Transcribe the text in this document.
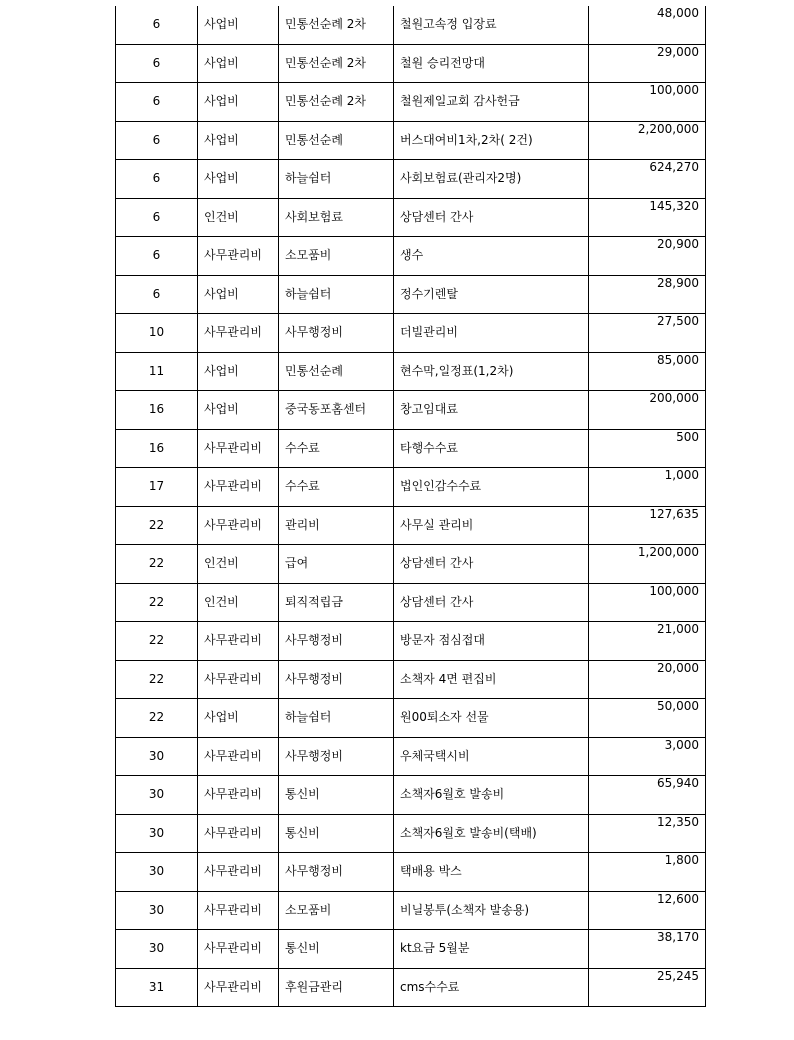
6	사업비	민통선순례 2차	철원고속정 입장료	48,000

6	사업비	민통선순례 2차	철원 승리전망대	29,000

6	사업비	민통선순례 2차	철원제일교회 감사헌금	100,000

6	사업비	민통선순례	버스대여비1차,2차( 2건)	2,200,000

6	사업비	하늘쉼터	사회보험료(관리자2명)	624,270

6	인건비	사회보험료	상담센터 간사	145,320

6	사무관리비	소모품비	생수	20,900

6	사업비	하늘쉼터	정수기렌탈	28,900

10	사무관리비	사무행정비	더빌관리비	27,500

11	사업비	민통선순례	현수막,일정표(1,2차)	85,000

16	사업비	중국동포홈센터	창고임대료	200,000

16	사무관리비	수수료	타행수수료	500

17	사무관리비	수수료	법인인감수수료	1,000

22	사무관리비	관리비	사무실 관리비	127,635

22	인건비	급여	상담센터 간사	1,200,000

22	인건비	퇴직적립금	상담센터 간사	100,000

22	사무관리비	사무행정비	방문자 점심접대	21,000

22	사무관리비	사무행정비	소책자 4면 편집비	20,000

22	사업비	하늘쉼터	원00퇴소자 선물	50,000

30	사무관리비	사무행정비	우체국택시비	3,000

30	사무관리비	통신비	소책자6월호 발송비	65,940

30	사무관리비	통신비	소책자6월호 발송비(택배)	12,350

30	사무관리비	사무행정비	택배용 박스	1,800

30	사무관리비	소모품비	비닐봉투(소책자 발송용)	12,600

30	사무관리비	통신비	kt요금 5월분	38,170

31	사무관리비	후원금관리	cms수수료	25,245
